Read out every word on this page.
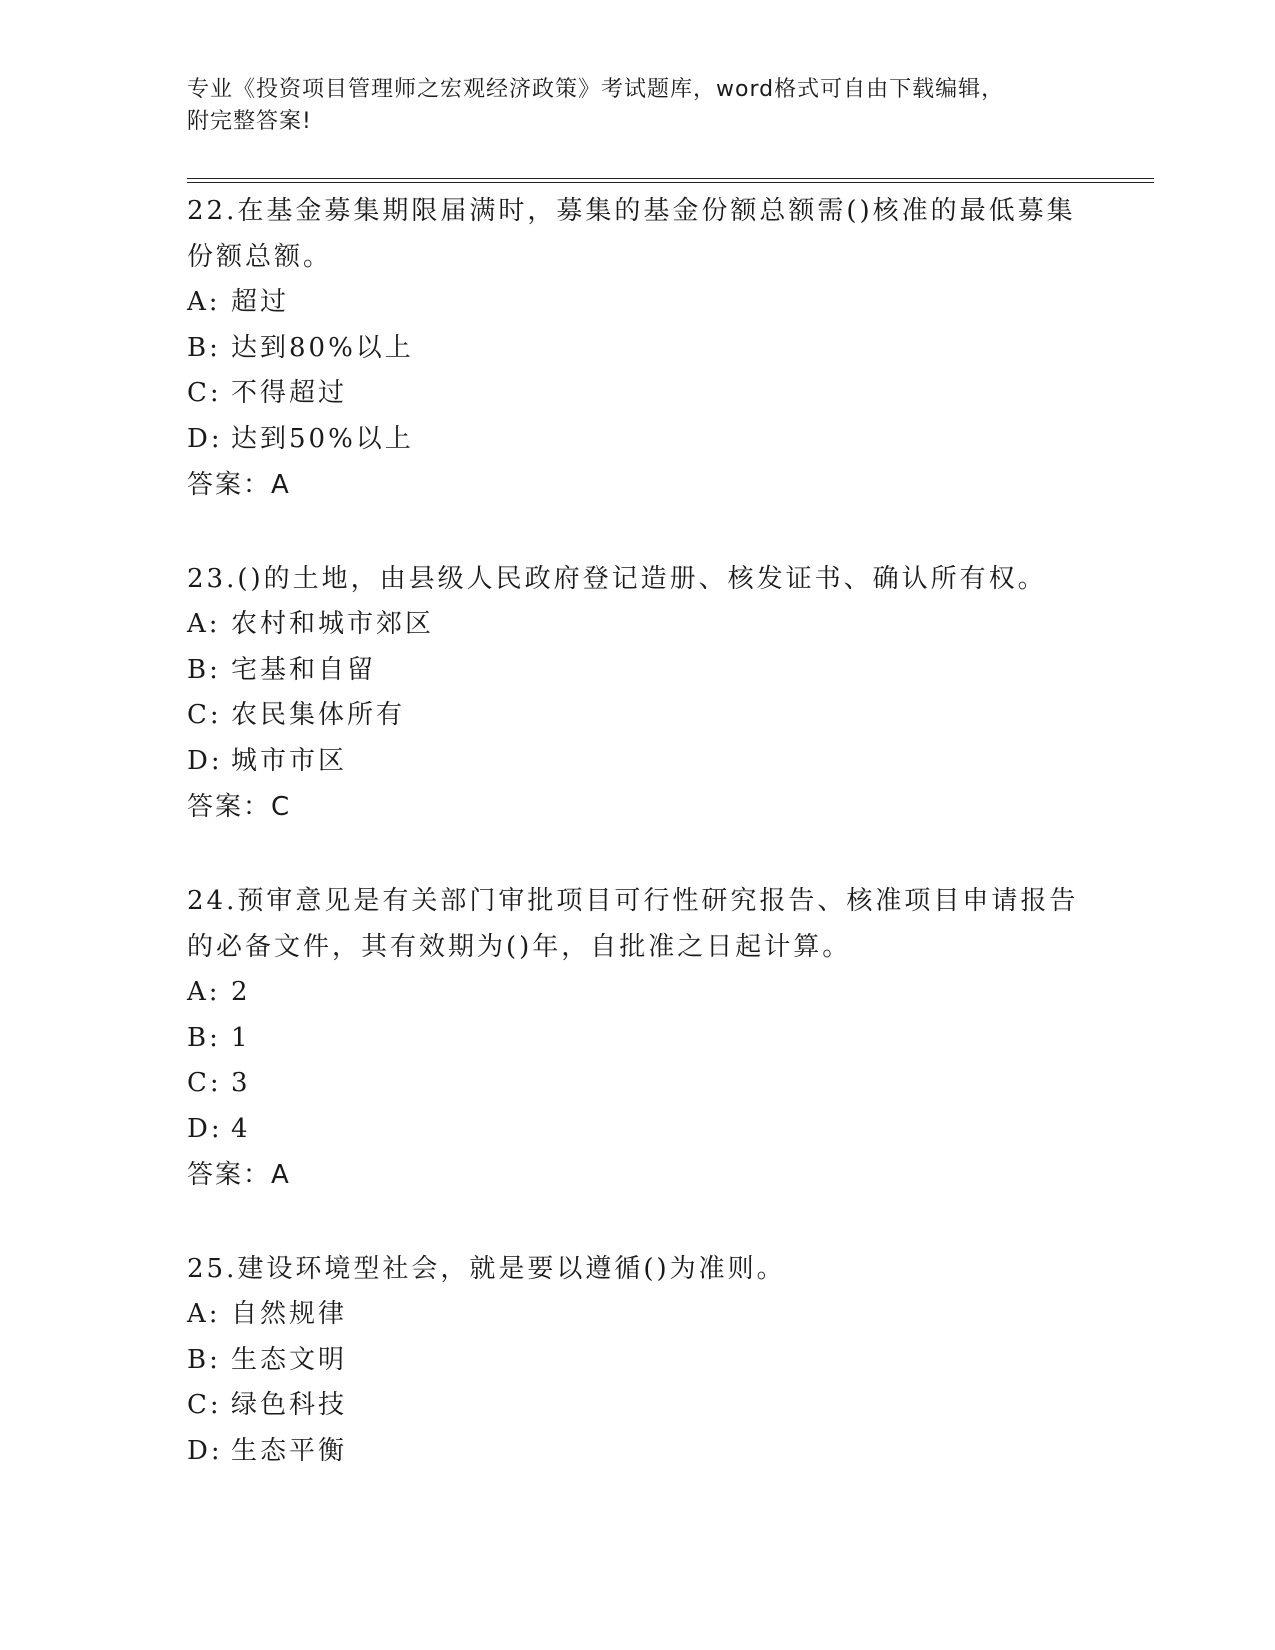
专业《投资项目管理师之宏观经济政策》考试题库，word格式可自由下载编辑，
附完整答案!

22.在基金募集期限届满时，募集的基金份额总额需()核准的最低募集份额总额。

A: 超过
B: 达到80%以上
C: 不得超过
D: 达到50%以上
答案：A

23.()的土地，由县级人民政府登记造册、核发证书、确认所有权。

A: 农村和城市郊区
B: 宅基和自留
C: 农民集体所有
D: 城市市区
答案：C

24.预审意见是有关部门审批项目可行性研究报告、核准项目申请报告的必备文件，其有效期为()年，自批准之日起计算。

A: 2
B: 1
C: 3
D: 4
答案：A

25.建设环境型社会，就是要以遵循()为准则。

A: 自然规律
B: 生态文明
C: 绿色科技
D: 生态平衡
